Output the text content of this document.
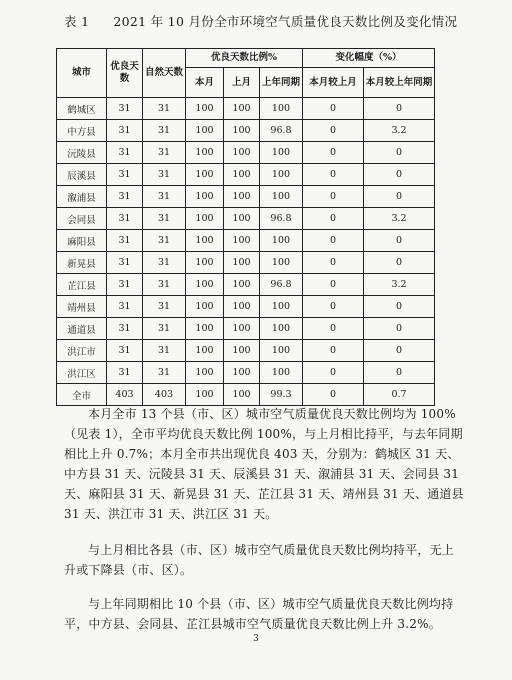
表 1 2021 年 10 月份全市环境空气质量优良天数比例及变化情况
城市	优良天数	自然天数	优良天数比例%			变化幅度（%）	
			本月	上月	上年同期	本月较上月	本月较上年同期
鹤城区	31	31	100	100	100	0	0
中方县	31	31	100	100	96.8	0	3.2
沅陵县	31	31	100	100	100	0	0
辰溪县	31	31	100	100	100	0	0
溆浦县	31	31	100	100	100	0	0
会同县	31	31	100	100	96.8	0	3.2
麻阳县	31	31	100	100	100	0	0
新晃县	31	31	100	100	100	0	0
芷江县	31	31	100	100	96.8	0	3.2
靖州县	31	31	100	100	100	0	0
通道县	31	31	100	100	100	0	0
洪江市	31	31	100	100	100	0	0
洪江区	31	31	100	100	100	0	0
全市	403	403	100	100	99.3	0	0.7

本月全市 13 个县（市、区）城市空气质量优良天数比例均为 100%（见表 1），全市平均优良天数比例 100%，与上月相比持平，与去年同期相比上升 0.7%；本月全市共出现优良 403 天，分别为：鹤城区 31 天、中方县 31 天、沅陵县 31 天、辰溪县 31 天、溆浦县 31 天、会同县 31 天、麻阳县 31 天、新晃县 31 天、芷江县 31 天、靖州县 31 天、通道县 31 天、洪江市 31 天、洪江区 31 天。

与上月相比各县（市、区）城市空气质量优良天数比例均持平，无上升或下降县（市、区）。

与上年同期相比 10 个县（市、区）城市空气质量优良天数比例均持平，中方县、会同县、芷江县城市空气质量优良天数比例上升 3.2%。

3
